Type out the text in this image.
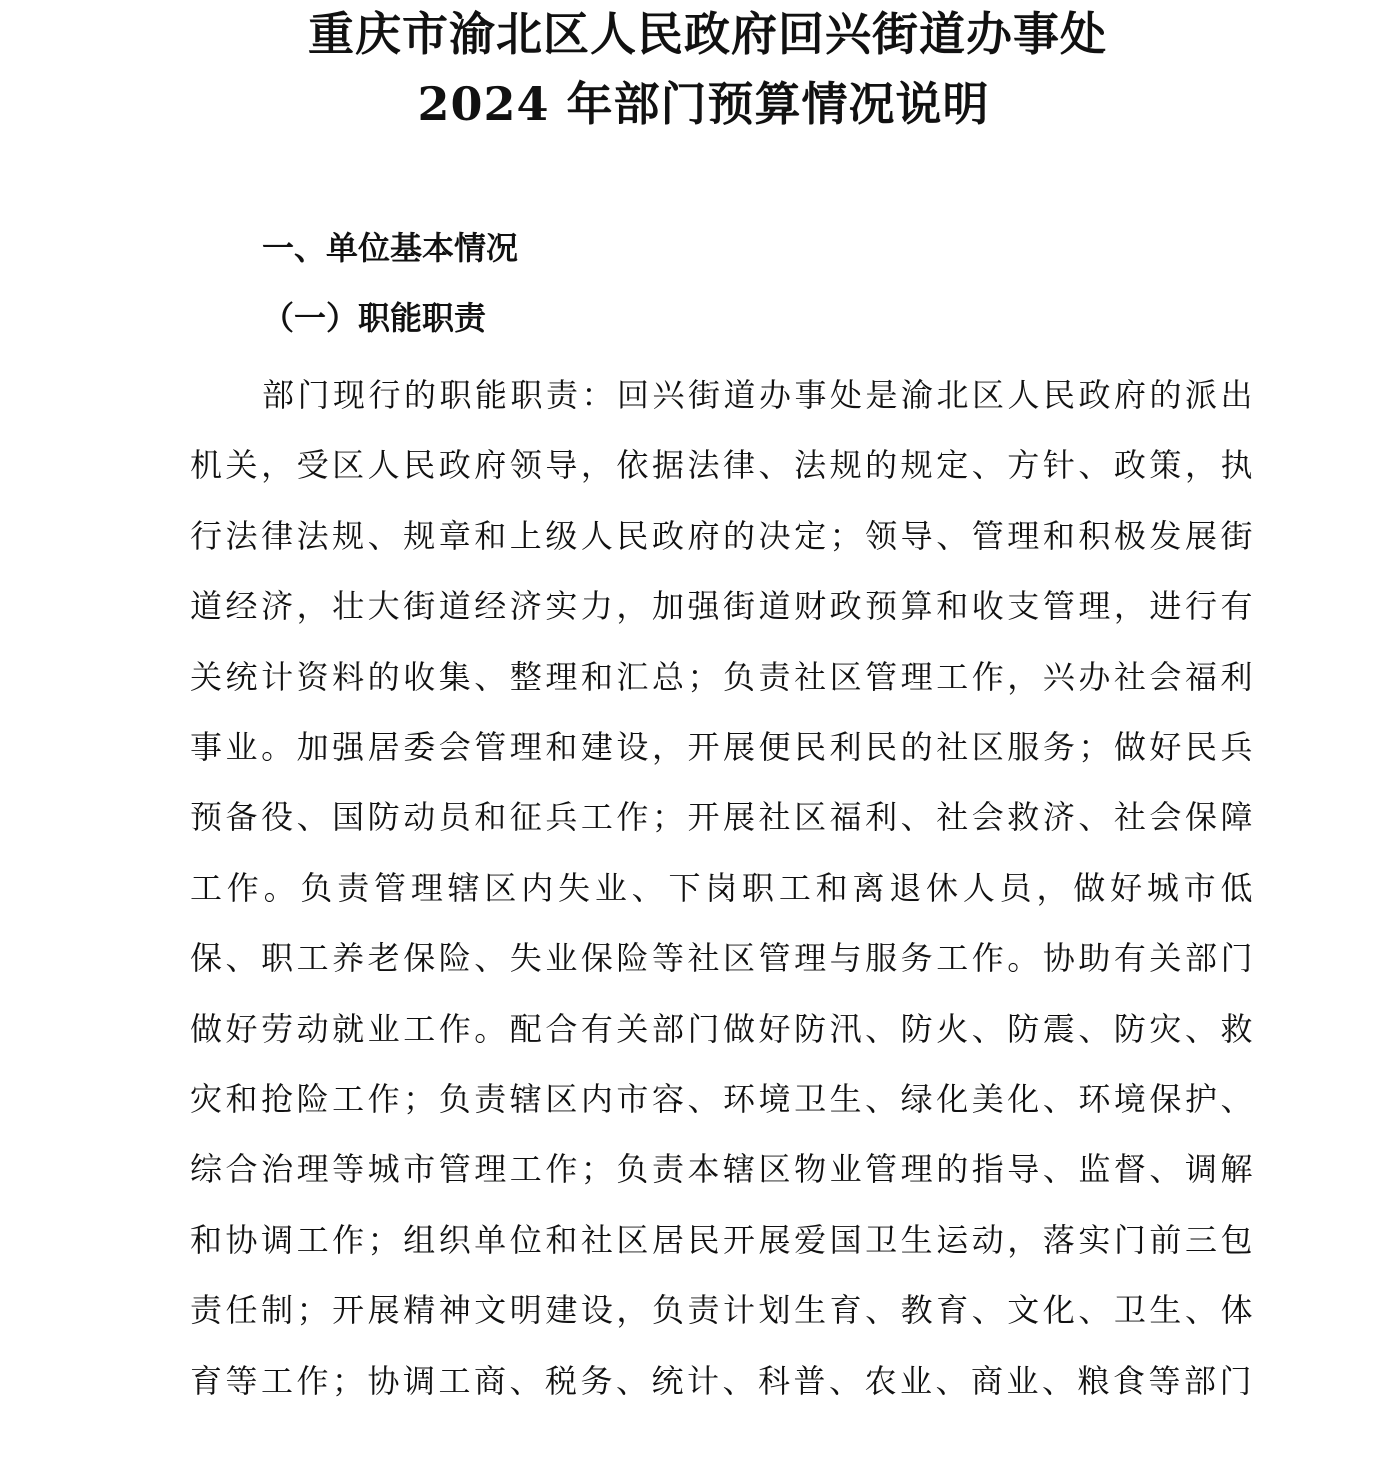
重庆市渝北区人民政府回兴街道办事处
2024 年部门预算情况说明
一、单位基本情况
（一）职能职责

部门现行的职能职责：回兴街道办事处是渝北区人民政府的派出机关，受区人民政府领导，依据法律、法规的规定、方针、政策，执行法律法规、规章和上级人民政府的决定；领导、管理和积极发展街道经济，壮大街道经济实力，加强街道财政预算和收支管理，进行有关统计资料的收集、整理和汇总；负责社区管理工作，兴办社会福利事业。加强居委会管理和建设，开展便民利民的社区服务；做好民兵预备役、国防动员和征兵工作；开展社区福利、社会救济、社会保障工作。负责管理辖区内失业、下岗职工和离退休人员，做好城市低保、职工养老保险、失业保险等社区管理与服务工作。协助有关部门做好劳动就业工作。配合有关部门做好防汛、防火、防震、防灾、救灾和抢险工作；负责辖区内市容、环境卫生、绿化美化、环境保护、综合治理等城市管理工作；负责本辖区物业管理的指导、监督、调解和协调工作；组织单位和社区居民开展爱国卫生运动，落实门前三包责任制；开展精神文明建设，负责计划生育、教育、文化、卫生、体育等工作；协调工商、税务、统计、科普、农业、商业、粮食等部门
